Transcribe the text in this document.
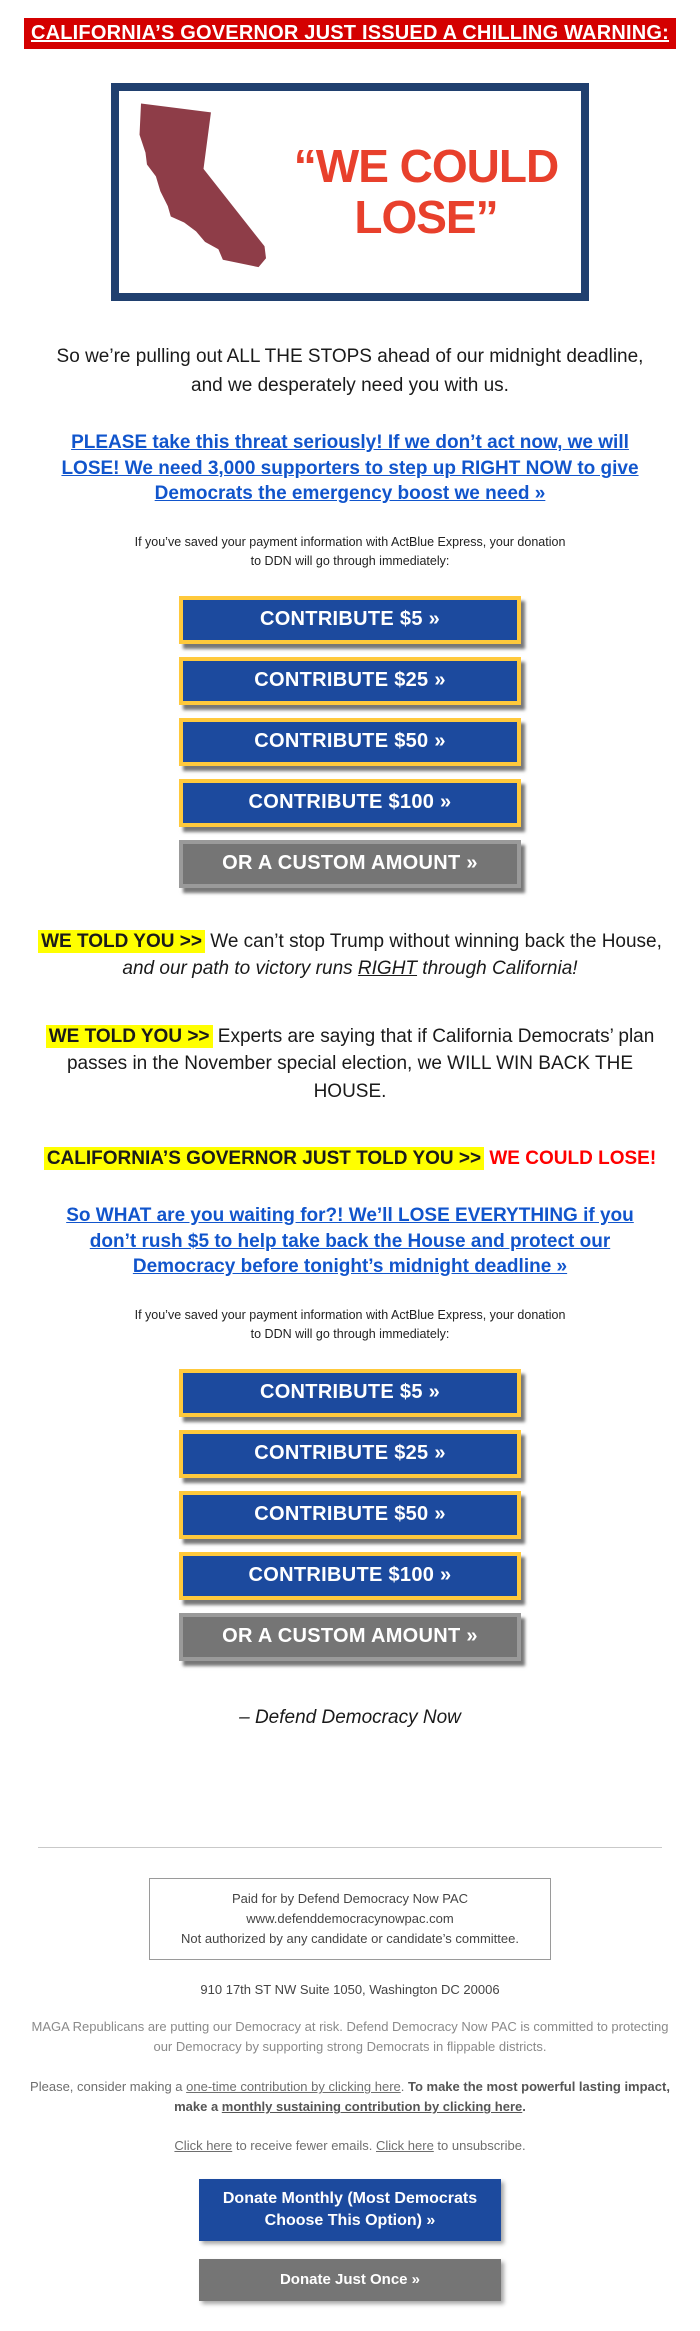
CALIFORNIA’S GOVERNOR JUST ISSUED A CHILLING WARNING:
“WE COULD
LOSE”

So we’re pulling out ALL THE STOPS ahead of our midnight deadline,
and we desperately need you with us.

PLEASE take this threat seriously! If we don’t act now, we will
LOSE! We need 3,000 supporters to step up RIGHT NOW to give
Democrats the emergency boost we need »

If you’ve saved your payment information with ActBlue Express, your donation
to DDN will go through immediately:

CONTRIBUTE $5 »
CONTRIBUTE $25 »
CONTRIBUTE $50 »
CONTRIBUTE $100 »
OR A CUSTOM AMOUNT »

WE TOLD YOU >> We can’t stop Trump without winning back the House, and our path to victory runs RIGHT through California!

WE TOLD YOU >> Experts are saying that if California Democrats’ plan passes in the November special election, we WILL WIN BACK THE HOUSE.

CALIFORNIA’S GOVERNOR JUST TOLD YOU >> WE COULD LOSE!

So WHAT are you waiting for?! We’ll LOSE EVERYTHING if you
don’t rush $5 to help take back the House and protect our
Democracy before tonight’s midnight deadline »

If you’ve saved your payment information with ActBlue Express, your donation
to DDN will go through immediately:

CONTRIBUTE $5 »
CONTRIBUTE $25 »
CONTRIBUTE $50 »
CONTRIBUTE $100 »
OR A CUSTOM AMOUNT »

– Defend Democracy Now

Paid for by Defend Democracy Now PAC
www.defenddemocracynowpac.com
Not authorized by any candidate or candidate’s committee.

910 17th ST NW Suite 1050, Washington DC 20006

MAGA Republicans are putting our Democracy at risk. Defend Democracy Now PAC is committed to protecting our Democracy by supporting strong Democrats in flippable districts.

Please, consider making a one-time contribution by clicking here. To make the most powerful lasting impact, make a monthly sustaining contribution by clicking here.

Click here to receive fewer emails. Click here to unsubscribe.

Donate Monthly (Most Democrats
Choose This Option) »
Donate Just Once »
